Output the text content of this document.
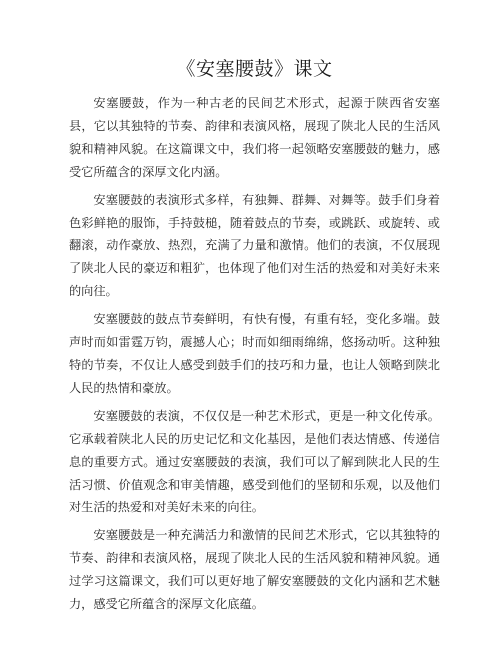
《安塞腰鼓》课文

安塞腰鼓，作为一种古老的民间艺术形式，起源于陕西省安塞县，它以其独特的节奏、韵律和表演风格，展现了陕北人民的生活风貌和精神风貌。在这篇课文中，我们将一起领略安塞腰鼓的魅力，感受它所蕴含的深厚文化内涵。

安塞腰鼓的表演形式多样，有独舞、群舞、对舞等。鼓手们身着色彩鲜艳的服饰，手持鼓槌，随着鼓点的节奏，或跳跃、或旋转、或翻滚，动作豪放、热烈，充满了力量和激情。他们的表演，不仅展现了陕北人民的豪迈和粗犷，也体现了他们对生活的热爱和对美好未来的向往。

安塞腰鼓的鼓点节奏鲜明，有快有慢，有重有轻，变化多端。鼓声时而如雷霆万钧，震撼人心；时而如细雨绵绵，悠扬动听。这种独特的节奏，不仅让人感受到鼓手们的技巧和力量，也让人领略到陕北人民的热情和豪放。

安塞腰鼓的表演，不仅仅是一种艺术形式，更是一种文化传承。它承载着陕北人民的历史记忆和文化基因，是他们表达情感、传递信息的重要方式。通过安塞腰鼓的表演，我们可以了解到陕北人民的生活习惯、价值观念和审美情趣，感受到他们的坚韧和乐观，以及他们对生活的热爱和对美好未来的向往。

安塞腰鼓是一种充满活力和激情的民间艺术形式，它以其独特的节奏、韵律和表演风格，展现了陕北人民的生活风貌和精神风貌。通过学习这篇课文，我们可以更好地了解安塞腰鼓的文化内涵和艺术魅力，感受它所蕴含的深厚文化底蕴。
